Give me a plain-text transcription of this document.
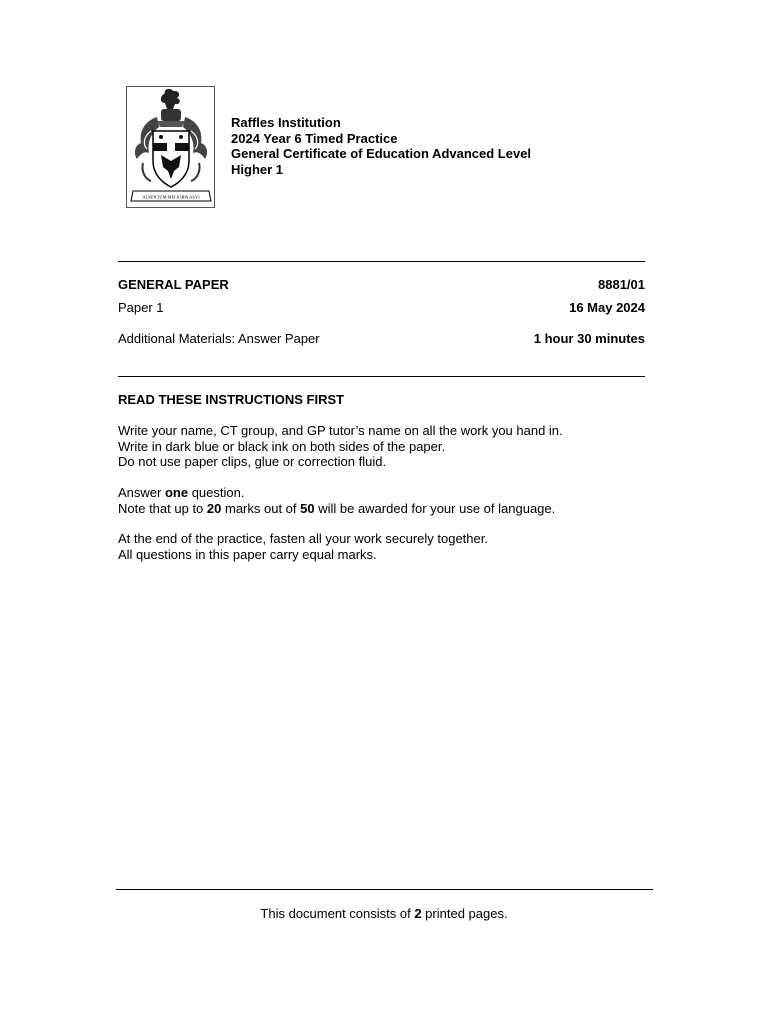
AUSPICIUM MELIORIS AEVI
Raffles Institution
2024 Year 6 Timed Practice
General Certificate of Education Advanced Level
Higher 1
GENERAL PAPER	8881/01
Paper 1	16 May 2024
Additional Materials: Answer Paper	1 hour 30 minutes
READ THESE INSTRUCTIONS FIRST
Write your name, CT group, and GP tutor’s name on all the work you hand in.
Write in dark blue or black ink on both sides of the paper.
Do not use paper clips, glue or correction fluid.
Answer one question.
Note that up to 20 marks out of 50 will be awarded for your use of language.
At the end of the practice, fasten all your work securely together.
All questions in this paper carry equal marks.
This document consists of 2 printed pages.
